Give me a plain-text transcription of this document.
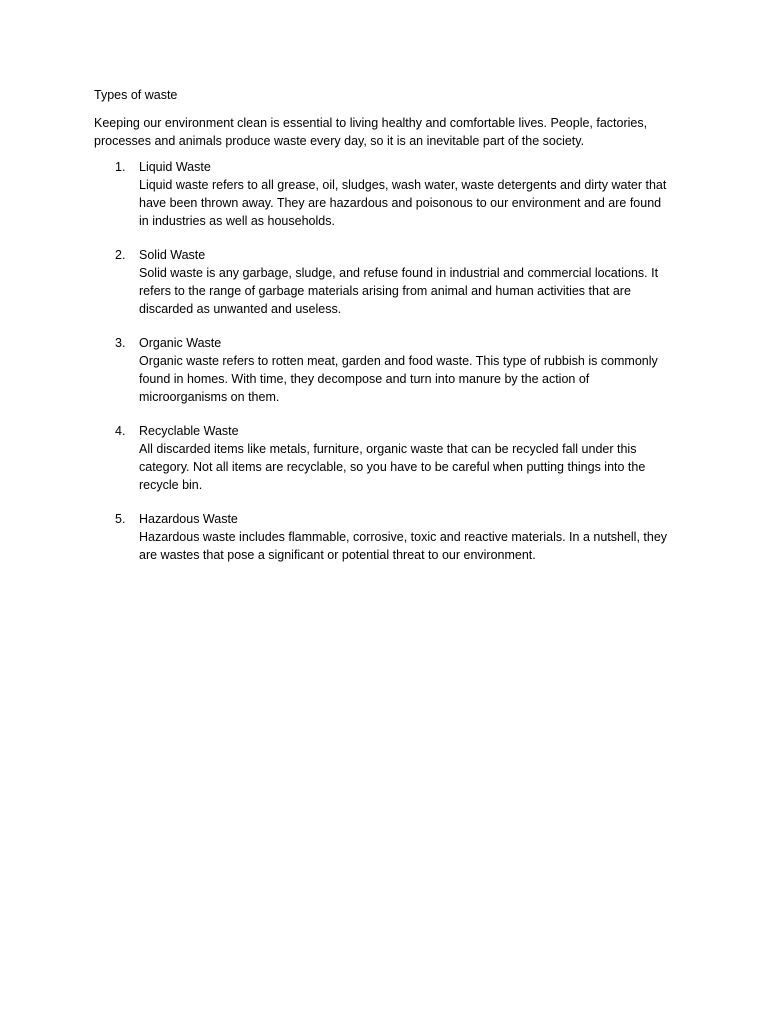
Types of waste

Keeping our environment clean is essential to living healthy and comfortable lives. People, factories, processes and animals produce waste every day, so it is an inevitable part of the society.

1. Liquid Waste
Liquid waste refers to all grease, oil, sludges, wash water, waste detergents and dirty water that have been thrown away. They are hazardous and poisonous to our environment and are found in industries as well as households.
2. Solid Waste
Solid waste is any garbage, sludge, and refuse found in industrial and commercial locations. It refers to the range of garbage materials arising from animal and human activities that are discarded as unwanted and useless.
3. Organic Waste
Organic waste refers to rotten meat, garden and food waste. This type of rubbish is commonly found in homes. With time, they decompose and turn into manure by the action of microorganisms on them.
4. Recyclable Waste
All discarded items like metals, furniture, organic waste that can be recycled fall under this category. Not all items are recyclable, so you have to be careful when putting things into the recycle bin.
5. Hazardous Waste
Hazardous waste includes flammable, corrosive, toxic and reactive materials. In a nutshell, they are wastes that pose a significant or potential threat to our environment.
